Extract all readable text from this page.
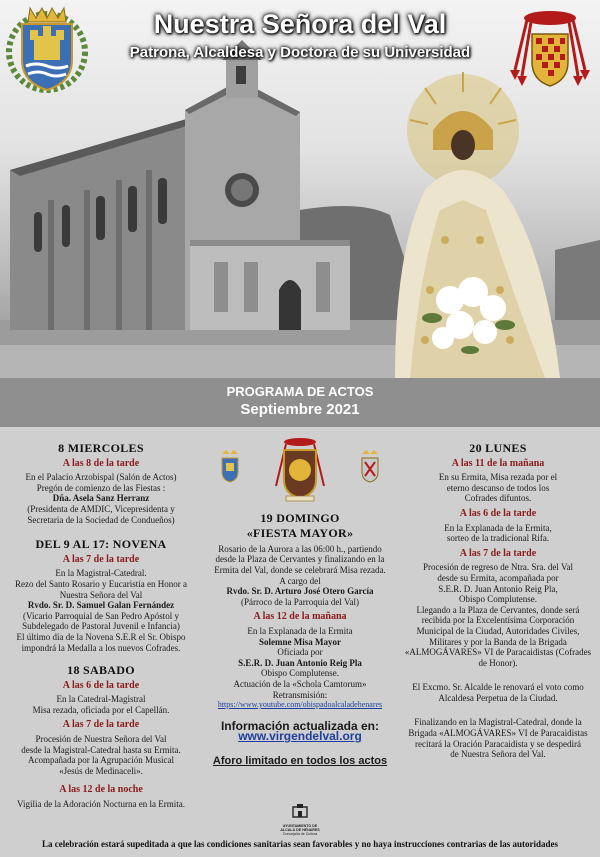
Nuestra Señora del Val
Patrona, Alcaldesa y Doctora de su Universidad
PROGRAMA DE ACTOS
Septiembre 2021
8 MIERCOLES
A las 8 de la tarde

En el Palacio Arzobispal (Salón de Actos)

Pregón de comienzo de las Fiestas :

Dña. Asela Sanz Herranz

(Presidenta de AMDIC, Vicepresidenta y

Secretaria de la Sociedad de Condueños)

DEL 9 AL 17: NOVENA
A las 7 de la tarde

En la Magistral-Catedral.

Rezo del Santo Rosario y Eucaristía en Honor a

Nuestra Señora del Val

Rvdo. Sr. D. Samuel Galan Fernández

(Vicario Parroquial de San Pedro Apóstol y

Subdelegado de Pastoral Juvenil e Infancia)

El último día de la Novena S.E.R el Sr. Obispo

impondrá la Medalla a los nuevos Cofrades.

18 SABADO
A las 6 de la tarde

En la Catedral-Magistral

Misa rezada, oficiada por el Capellán.

A las 7 de la tarde

Procesión de Nuestra Señora del Val

desde la Magistral-Catedral hasta su Ermita.

Acompañada por la Agrupación Musical

«Jesús de Medinaceli».

A las 12 de la noche

Vigilia de la Adoración Nocturna en la Ermita.

19 DOMINGO
«FIESTA MAYOR»

Rosario de la Aurora a las 06:00 h., partiendo

desde la Plaza de Cervantes y finalizando en la

Ermita del Val, donde se celebrará Misa rezada.

A cargo del

Rvdo. Sr. D. Arturo José Otero García

(Párroco de la Parroquia del Val)

A las 12 de la mañana

En la Explanada de la Ermita

Solemne Misa Mayor

Oficiada por

S.E.R. D. Juan Antonio Reig Pla

Obispo Complutense.

Actuación de la «Schola Camtorum»

Retransmisión:

https://www.youtube.com/obispadoalcaladehenares

Información actualizada en:
www.virgendelval.org
Aforo limitado en todos los actos
AYUNTAMIENTO DE
ALCALÁ DE HENARES
Concejalía de Cultura
20 LUNES
A las 11 de la mañana

En su Ermita, Misa rezada por el

eterno descanso de todos los

Cofrades difuntos.

A las 6 de la tarde

En la Explanada de la Ermita,

sorteo de la tradicional Rifa.

A las 7 de la tarde

Procesión de regreso de Ntra. Sra. del Val

desde su Ermita, acompañada por

S.E.R. D. Juan Antonio Reig Pla,

Obispo Complutense.

Llegando a la Plaza de Cervantes, donde será

recibida por la Excelentísima Corporación

Municipal de la Ciudad, Autoridades Civiles,

Militares y por la Banda de la Brigada

«ALMOGÁVARES» VI de Paracaidistas (Cofrades

de Honor).

El Excmo. Sr. Alcalde le renovará el voto como

Alcaldesa Perpetua de la Ciudad.

Finalizando en la Magistral-Catedral, donde la

Brigada «ALMOGÁVARES» VI de Paracaidistas

recitará la Oración Paracaidista y se despedirá

de Nuestra Señora del Val.

La celebración estará supeditada a que las condiciones sanitarias sean favorables y no haya instrucciones contrarias de las autoridades
